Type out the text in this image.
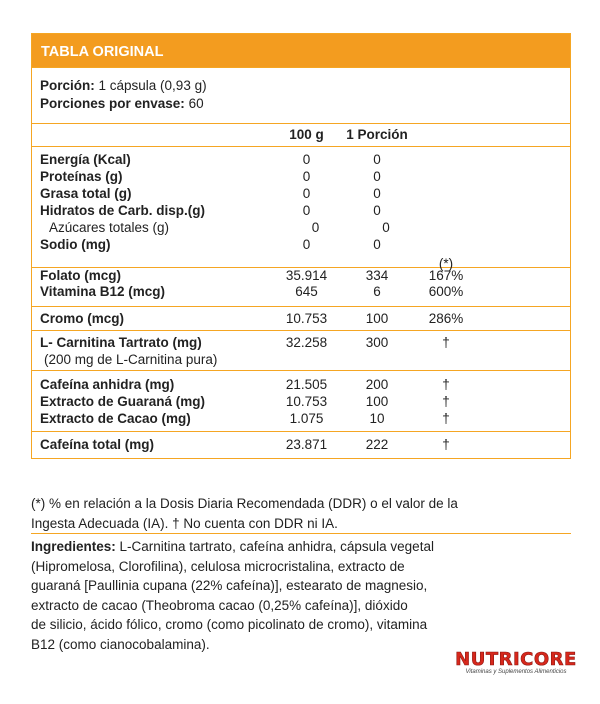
TABLA ORIGINAL
Porción: 1 cápsula (0,93 g)
Porciones por envase: 60
100 g	1 Porción
Energía (Kcal)	0	0
Proteínas (g)	0	0
Grasa total (g)	0	0
Hidratos de Carb. disp.(g)	0	0
Azúcares totales (g)	0	0
Sodio (mg)	0	0
(*)
Folato (mcg)	35.914	334	167%
Vitamina B12 (mcg)	645	6	600%
Cromo (mcg)	10.753	100	286%
L- Carnitina Tartrato (mg)	32.258	300	†
(200 mg de L-Carnitina pura)
Cafeína anhidra (mg)	21.505	200	†
Extracto de Guaraná (mg)	10.753	100	†
Extracto de Cacao (mg)	1.075	10	†
Cafeína total (mg)	23.871	222	†
(*) % en relación a la Dosis Diaria Recomendada (DDR) o el valor de la
Ingesta Adecuada (IA). † No cuenta con DDR ni IA.
Ingredientes: L-Carnitina tartrato, cafeína anhidra, cápsula vegetal
(Hipromelosa, Clorofilina), celulosa microcristalina, extracto de
guaraná [Paullinia cupana (22% cafeína)], estearato de magnesio,
extracto de cacao (Theobroma cacao (0,25% cafeína)], dióxido
de silicio, ácido fólico, cromo (como picolinato de cromo), vitamina
B12 (como cianocobalamina).
NUTRICORE
Vitaminas y Suplementos Alimenticios
